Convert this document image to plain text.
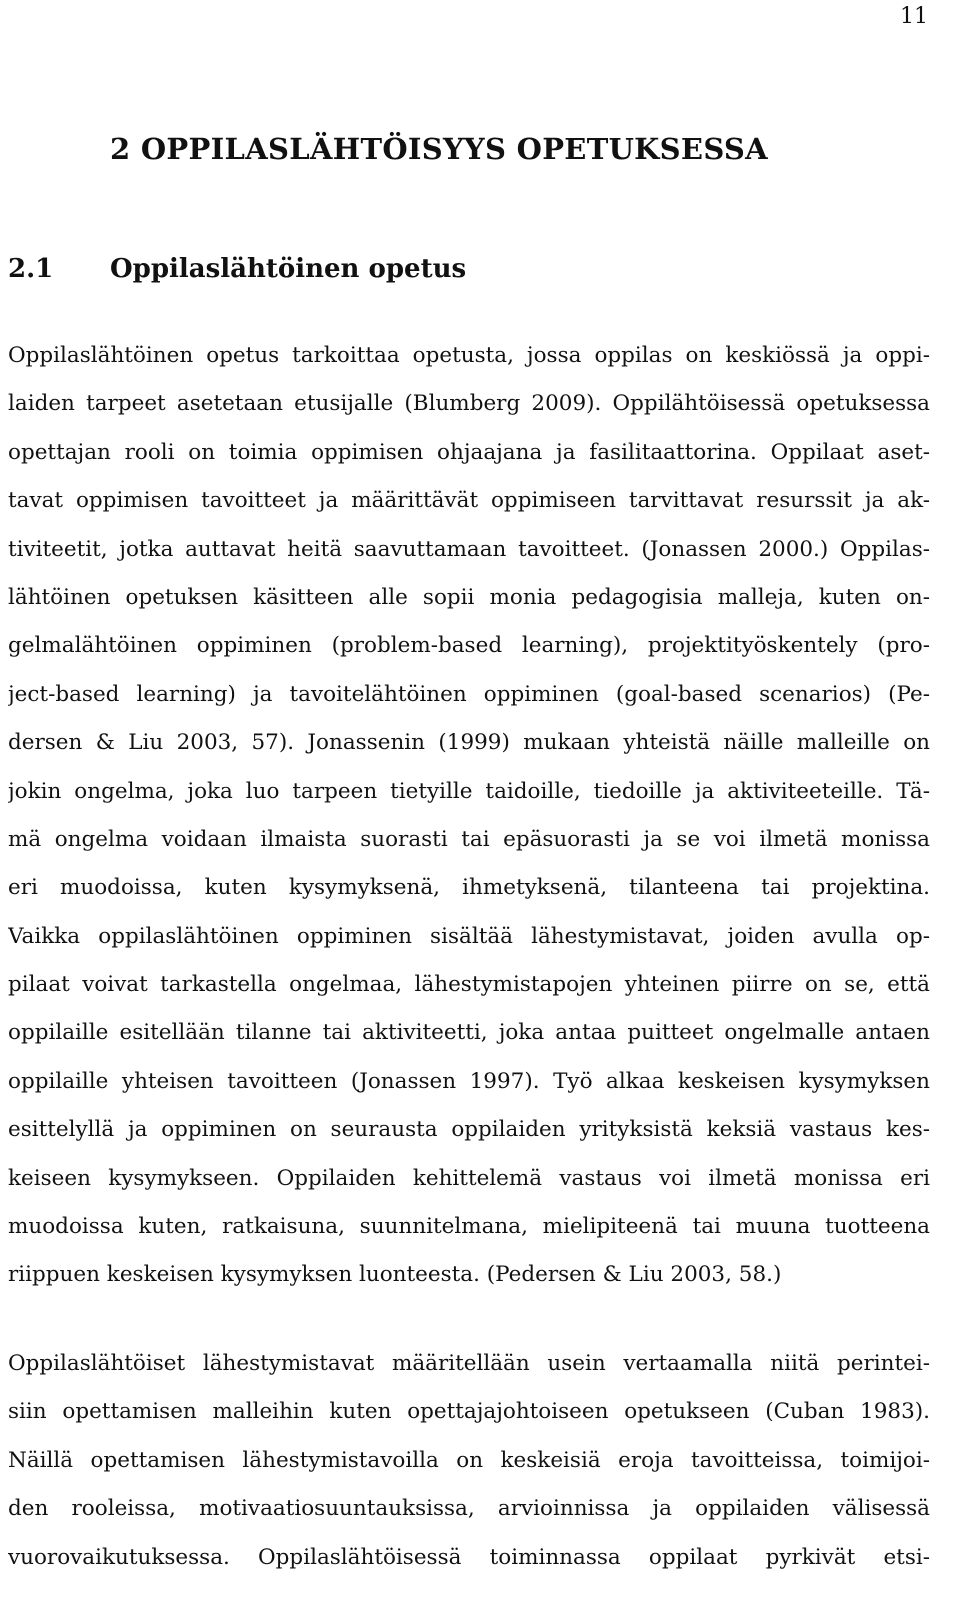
11
2 OPPILASLÄHTÖISYYS OPETUKSESSA
2.1 Oppilaslähtöinen opetus
Oppilaslähtöinen opetus tarkoittaa opetusta, jossa oppilas on keskiössä ja oppi-
laiden tarpeet asetetaan etusijalle (Blumberg 2009). Oppilähtöisessä opetuksessa
opettajan rooli on toimia oppimisen ohjaajana ja fasilitaattorina. Oppilaat aset-
tavat oppimisen tavoitteet ja määrittävät oppimiseen tarvittavat resurssit ja ak-
tiviteetit, jotka auttavat heitä saavuttamaan tavoitteet. (Jonassen 2000.) Oppilas-
lähtöinen opetuksen käsitteen alle sopii monia pedagogisia malleja, kuten on-
gelmalähtöinen oppiminen (problem-based learning), projektityöskentely (pro-
ject-based learning) ja tavoitelähtöinen oppiminen (goal-based scenarios) (Pe-
dersen & Liu 2003, 57). Jonassenin (1999) mukaan yhteistä näille malleille on
jokin ongelma, joka luo tarpeen tietyille taidoille, tiedoille ja aktiviteeteille. Tä-
mä ongelma voidaan ilmaista suorasti tai epäsuorasti ja se voi ilmetä monissa
eri muodoissa, kuten kysymyksenä, ihmetyksenä, tilanteena tai projektina.
Vaikka oppilaslähtöinen oppiminen sisältää lähestymistavat, joiden avulla op-
pilaat voivat tarkastella ongelmaa, lähestymistapojen yhteinen piirre on se, että
oppilaille esitellään tilanne tai aktiviteetti, joka antaa puitteet ongelmalle antaen
oppilaille yhteisen tavoitteen (Jonassen 1997). Työ alkaa keskeisen kysymyksen
esittelyllä ja oppiminen on seurausta oppilaiden yrityksistä keksiä vastaus kes-
keiseen kysymykseen. Oppilaiden kehittelemä vastaus voi ilmetä monissa eri
muodoissa kuten, ratkaisuna, suunnitelmana, mielipiteenä tai muuna tuotteena
riippuen keskeisen kysymyksen luonteesta. (Pedersen & Liu 2003, 58.)
Oppilaslähtöiset lähestymistavat määritellään usein vertaamalla niitä perintei-
siin opettamisen malleihin kuten opettajajohtoiseen opetukseen (Cuban 1983).
Näillä opettamisen lähestymistavoilla on keskeisiä eroja tavoitteissa, toimijoi-
den rooleissa, motivaatiosuuntauksissa, arvioinnissa ja oppilaiden välisessä
vuorovaikutuksessa. Oppilaslähtöisessä toiminnassa oppilaat pyrkivät etsi-
